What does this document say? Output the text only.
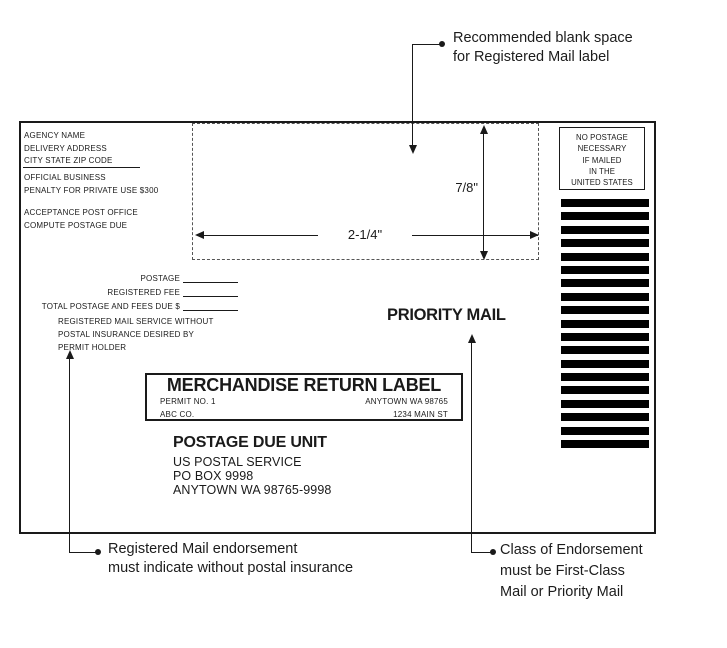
Recommended blank space
for Registered Mail label
AGENCY NAME
DELIVERY ADDRESS
CITY STATE ZIP CODE
OFFICIAL BUSINESS
PENALTY FOR PRIVATE USE $300
ACCEPTANCE POST OFFICE
COMPUTE POSTAGE DUE
7/8"
2-1/4"
NO POSTAGE
NECESSARY
IF MAILED
IN THE
UNITED STATES
POSTAGE
REGISTERED FEE
TOTAL POSTAGE AND FEES DUE $
REGISTERED MAIL SERVICE WITHOUT
POSTAL INSURANCE DESIRED BY
PERMIT HOLDER
PRIORITY MAIL
MERCHANDISE RETURN LABEL
PERMIT NO. 1
ABC CO.
ANYTOWN WA 98765
1234 MAIN ST
POSTAGE DUE UNIT
US POSTAL SERVICE
PO BOX 9998
ANYTOWN WA 98765-9998
Registered Mail endorsement
must indicate without postal insurance
Class of Endorsement
must be First-Class
Mail or Priority Mail
